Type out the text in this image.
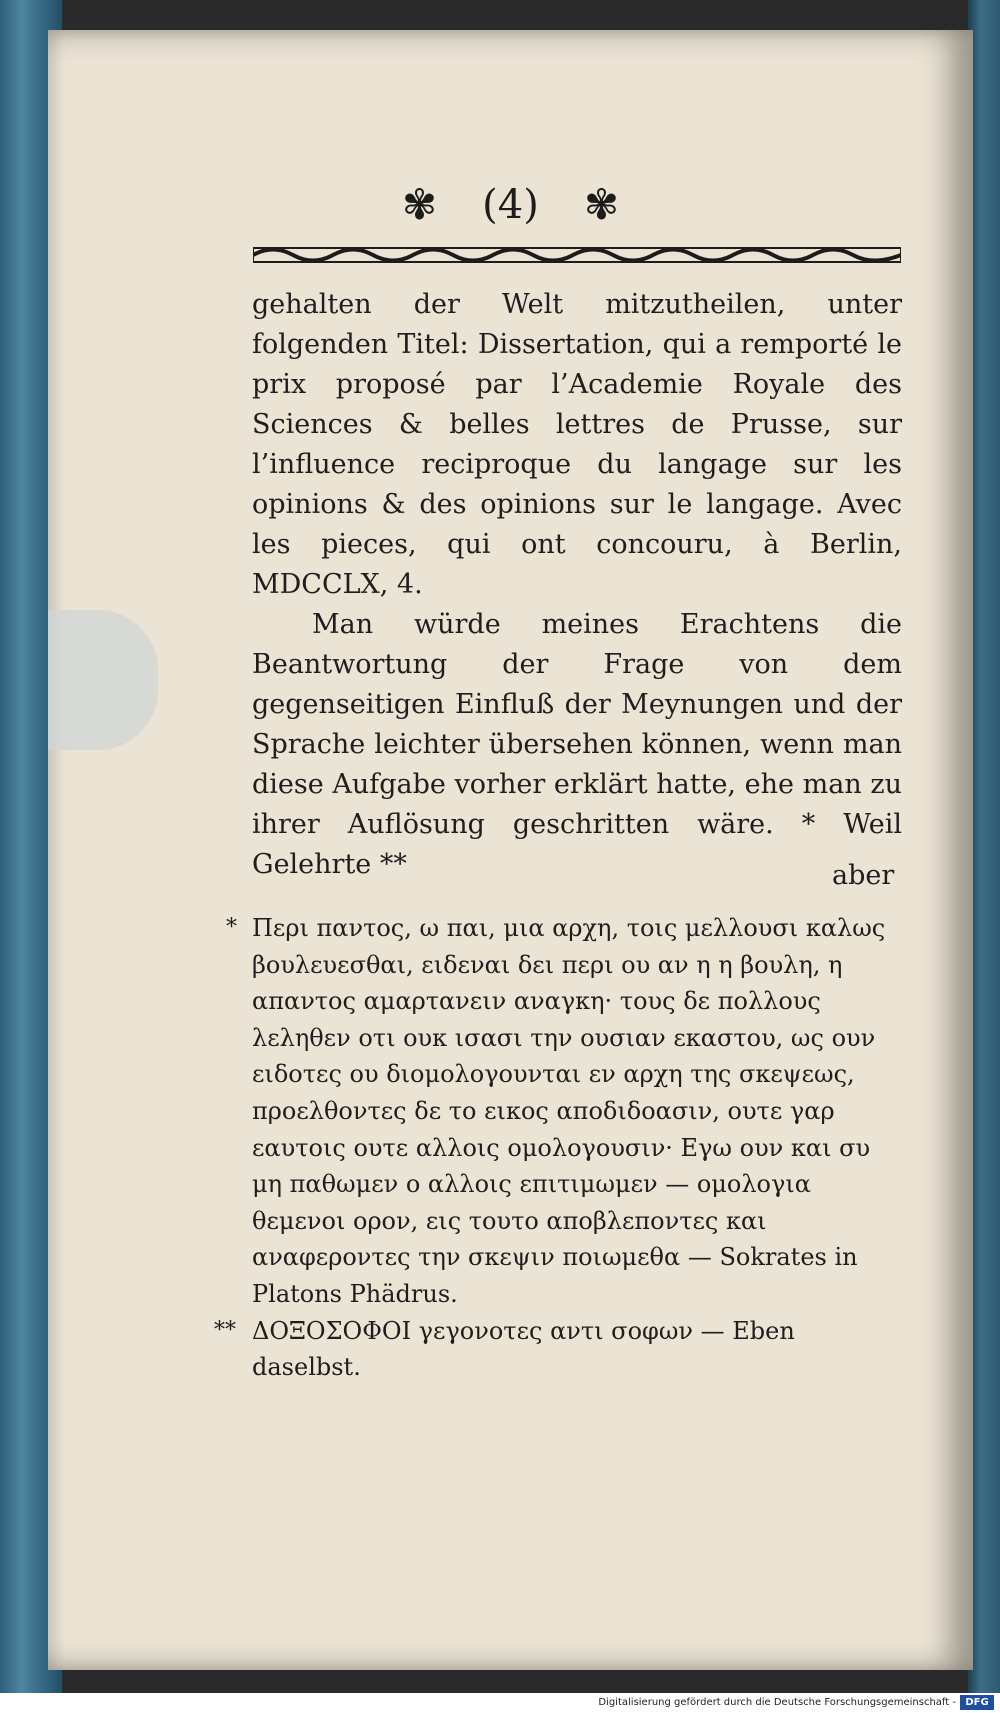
✾ (4) ✾

gehalten der Welt mitzutheilen, unter folgenden Titel: Dissertation, qui a remporté le prix proposé par l’Academie Royale des Sciences & belles lettres de Prusse, sur l’influence reciproque du langage sur les opinions & des opinions sur le langage. Avec les pieces, qui ont concouru, à Berlin, MDCCLX, 4.

Man würde meines Erachtens die Beantwortung der Frage von dem gegenseitigen Einfluß der Meynungen und der Sprache leichter übersehen können, wenn man diese Aufgabe vorher erklärt hatte, ehe man zu ihrer Auflösung geschritten wäre. * Weil Gelehrte **	aber

* Περι παντος, ω παι, μια αρχη, τοις μελλουσι καλως βουλευεσθαι, ειδεναι δει περι ου αν η η βουλη, η απαντος αμαρτανειν αναγκη· τους δε πολλους λεληθεν οτι ουκ ισασι την ουσιαν εκαστου, ως ουν ειδοτες ου διομολογουνται εν αρχη της σκεψεως, προελθοντες δε το εικος αποδιδοασιν, ουτε γαρ εαυτοις ουτε αλλοις ομολογουσιν· Εγω ουν και συ μη παθωμεν ο αλλοις επιτιμωμεν — ομολογια θεμενοι ορον, εις τουτο αποβλεποντες και αναφεροντες την σκεψιν ποιωμεθα — Sokrates in Platons Phädrus.

** ΔΟΞΟΣΟΦΟΙ γεγονοτες αντι σοφων — Eben daselbst.

Digitalisierung gefördert durch die Deutsche Forschungsgemeinschaft - DFG
